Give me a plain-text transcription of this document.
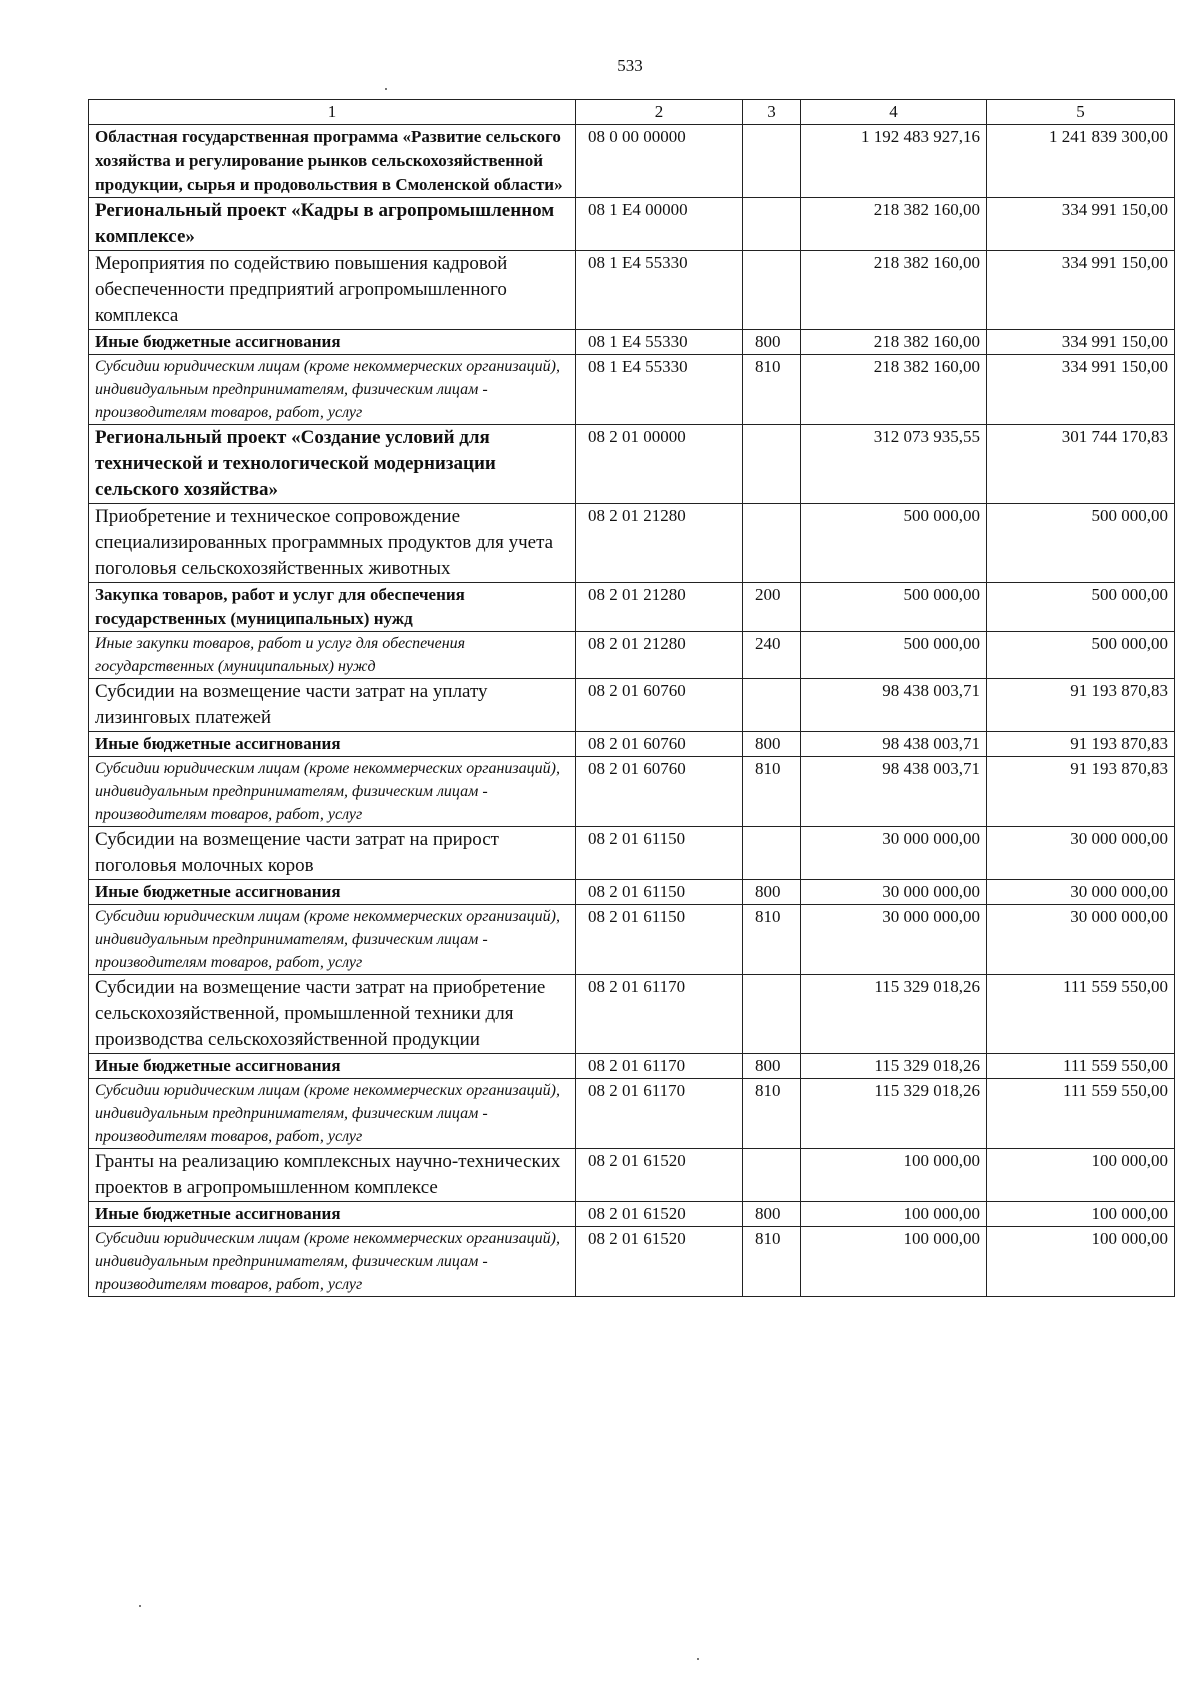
533
1	2	3	4	5
Областная государственная программа «Развитие сельского хозяйства и регулирование рынков сельскохозяйственной продукции, сырья и продовольствия в Смоленской области»	08 0 00 00000		1 192 483 927,16	1 241 839 300,00
Региональный проект «Кадры в агропромышленном комплексе»	08 1 E4 00000		218 382 160,00	334 991 150,00
Мероприятия по содействию повышения кадровой обеспеченности предприятий агропромышленного комплекса	08 1 E4 55330		218 382 160,00	334 991 150,00
Иные бюджетные ассигнования	08 1 E4 55330	800	218 382 160,00	334 991 150,00
Субсидии юридическим лицам (кроме некоммерческих организаций), индивидуальным предпринимателям, физическим лицам - производителям товаров, работ, услуг	08 1 E4 55330	810	218 382 160,00	334 991 150,00
Региональный проект «Создание условий для технической и технологической модернизации сельского хозяйства»	08 2 01 00000		312 073 935,55	301 744 170,83
Приобретение и техническое сопровождение специализированных программных продуктов для учета поголовья сельскохозяйственных животных	08 2 01 21280		500 000,00	500 000,00
Закупка товаров, работ и услуг для обеспечения государственных (муниципальных) нужд	08 2 01 21280	200	500 000,00	500 000,00
Иные закупки товаров, работ и услуг для обеспечения государственных (муниципальных) нужд	08 2 01 21280	240	500 000,00	500 000,00
Субсидии на возмещение части затрат на уплату лизинговых платежей	08 2 01 60760		98 438 003,71	91 193 870,83
Иные бюджетные ассигнования	08 2 01 60760	800	98 438 003,71	91 193 870,83
Субсидии юридическим лицам (кроме некоммерческих организаций), индивидуальным предпринимателям, физическим лицам - производителям товаров, работ, услуг	08 2 01 60760	810	98 438 003,71	91 193 870,83
Субсидии на возмещение части затрат на прирост поголовья молочных коров	08 2 01 61150		30 000 000,00	30 000 000,00
Иные бюджетные ассигнования	08 2 01 61150	800	30 000 000,00	30 000 000,00
Субсидии юридическим лицам (кроме некоммерческих организаций), индивидуальным предпринимателям, физическим лицам - производителям товаров, работ, услуг	08 2 01 61150	810	30 000 000,00	30 000 000,00
Субсидии на возмещение части затрат на приобретение сельскохозяйственной, промышленной техники для производства сельскохозяйственной продукции	08 2 01 61170		115 329 018,26	111 559 550,00
Иные бюджетные ассигнования	08 2 01 61170	800	115 329 018,26	111 559 550,00
Субсидии юридическим лицам (кроме некоммерческих организаций), индивидуальным предпринимателям, физическим лицам - производителям товаров, работ, услуг	08 2 01 61170	810	115 329 018,26	111 559 550,00
Гранты на реализацию комплексных научно-технических проектов в агропромышленном комплексе	08 2 01 61520		100 000,00	100 000,00
Иные бюджетные ассигнования	08 2 01 61520	800	100 000,00	100 000,00
Субсидии юридическим лицам (кроме некоммерческих организаций), индивидуальным предпринимателям, физическим лицам - производителям товаров, работ, услуг	08 2 01 61520	810	100 000,00	100 000,00
